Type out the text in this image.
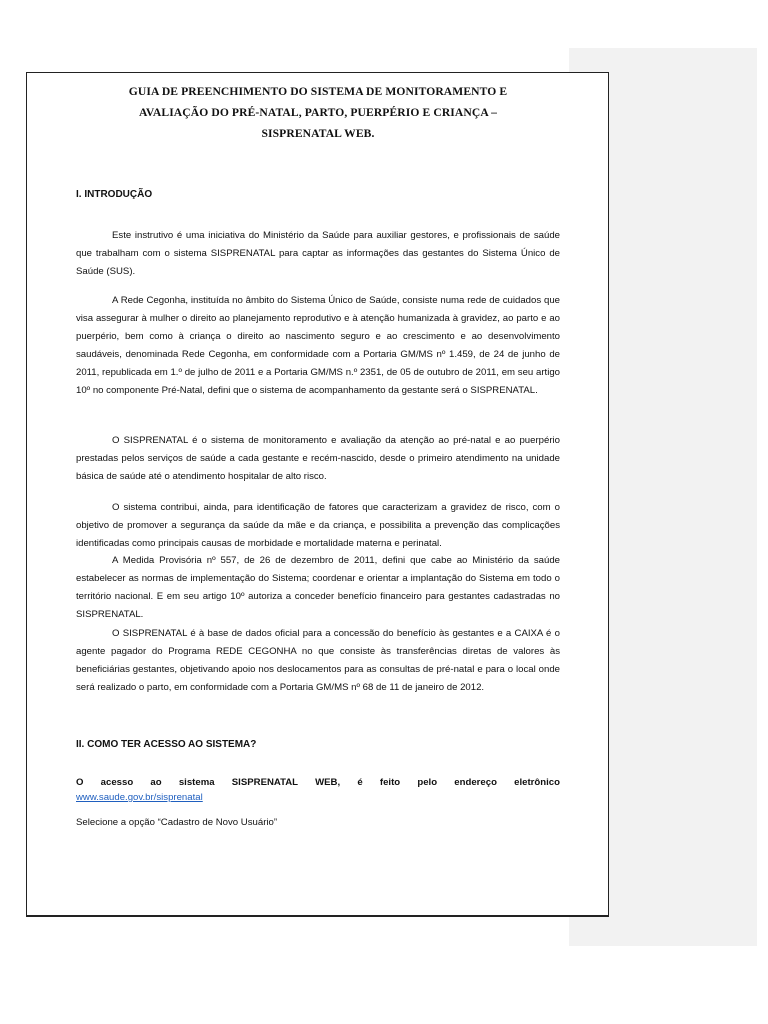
GUIA DE PREENCHIMENTO DO SISTEMA DE MONITORAMENTO E
AVALIAÇÃO DO PRÉ-NATAL, PARTO, PUERPÉRIO E CRIANÇA –
SISPRENATAL WEB.
I. INTRODUÇÃO

Este instrutivo é uma iniciativa do Ministério da Saúde para auxiliar gestores, e profissionais de saúde que trabalham com o sistema SISPRENATAL para captar as informações das gestantes do Sistema Único de Saúde (SUS).

A Rede Cegonha, instituída no âmbito do Sistema Único de Saúde, consiste numa rede de cuidados que visa assegurar à mulher o direito ao planejamento reprodutivo e à atenção humanizada à gravidez, ao parto e ao puerpério, bem como à criança o direito ao nascimento seguro e ao crescimento e ao desenvolvimento saudáveis, denominada Rede Cegonha, em conformidade com a Portaria GM/MS nº 1.459, de 24 de junho de 2011, republicada em 1.º de julho de 2011 e a Portaria GM/MS n.º 2351, de 05 de outubro de 2011, em seu artigo 10º no componente Pré-Natal, defini que o sistema de acompanhamento da gestante será o SISPRENATAL.

O SISPRENATAL é o sistema de monitoramento e avaliação da atenção ao pré-natal e ao puerpério prestadas pelos serviços de saúde a cada gestante e recém-nascido, desde o primeiro atendimento na unidade básica de saúde até o atendimento hospitalar de alto risco.

O sistema contribui, ainda, para identificação de fatores que caracterizam a gravidez de risco, com o objetivo de promover a segurança da saúde da mãe e da criança, e possibilita a prevenção das complicações identificadas como principais causas de morbidade e mortalidade materna e perinatal.

A Medida Provisória nº 557, de 26 de dezembro de 2011, defini que cabe ao Ministério da saúde estabelecer as normas de implementação do Sistema; coordenar e orientar a implantação do Sistema em todo o território nacional. E em seu artigo 10º autoriza a conceder benefício financeiro para gestantes cadastradas no SISPRENATAL.

O SISPRENATAL é à base de dados oficial para a concessão do benefício às gestantes e a CAIXA é o agente pagador do Programa REDE CEGONHA no que consiste às transferências diretas de valores às beneficiárias gestantes, objetivando apoio nos deslocamentos para as consultas de pré-natal e para o local onde será realizado o parto, em conformidade com a Portaria GM/MS nº 68 de 11 de janeiro de 2012.

II. COMO TER ACESSO AO SISTEMA?

O acesso ao sistema SISPRENATAL WEB, é feito pelo endereço eletrônico

www.saude.gov.br/sisprenatal

Selecione a opção “Cadastro de Novo Usuário”
